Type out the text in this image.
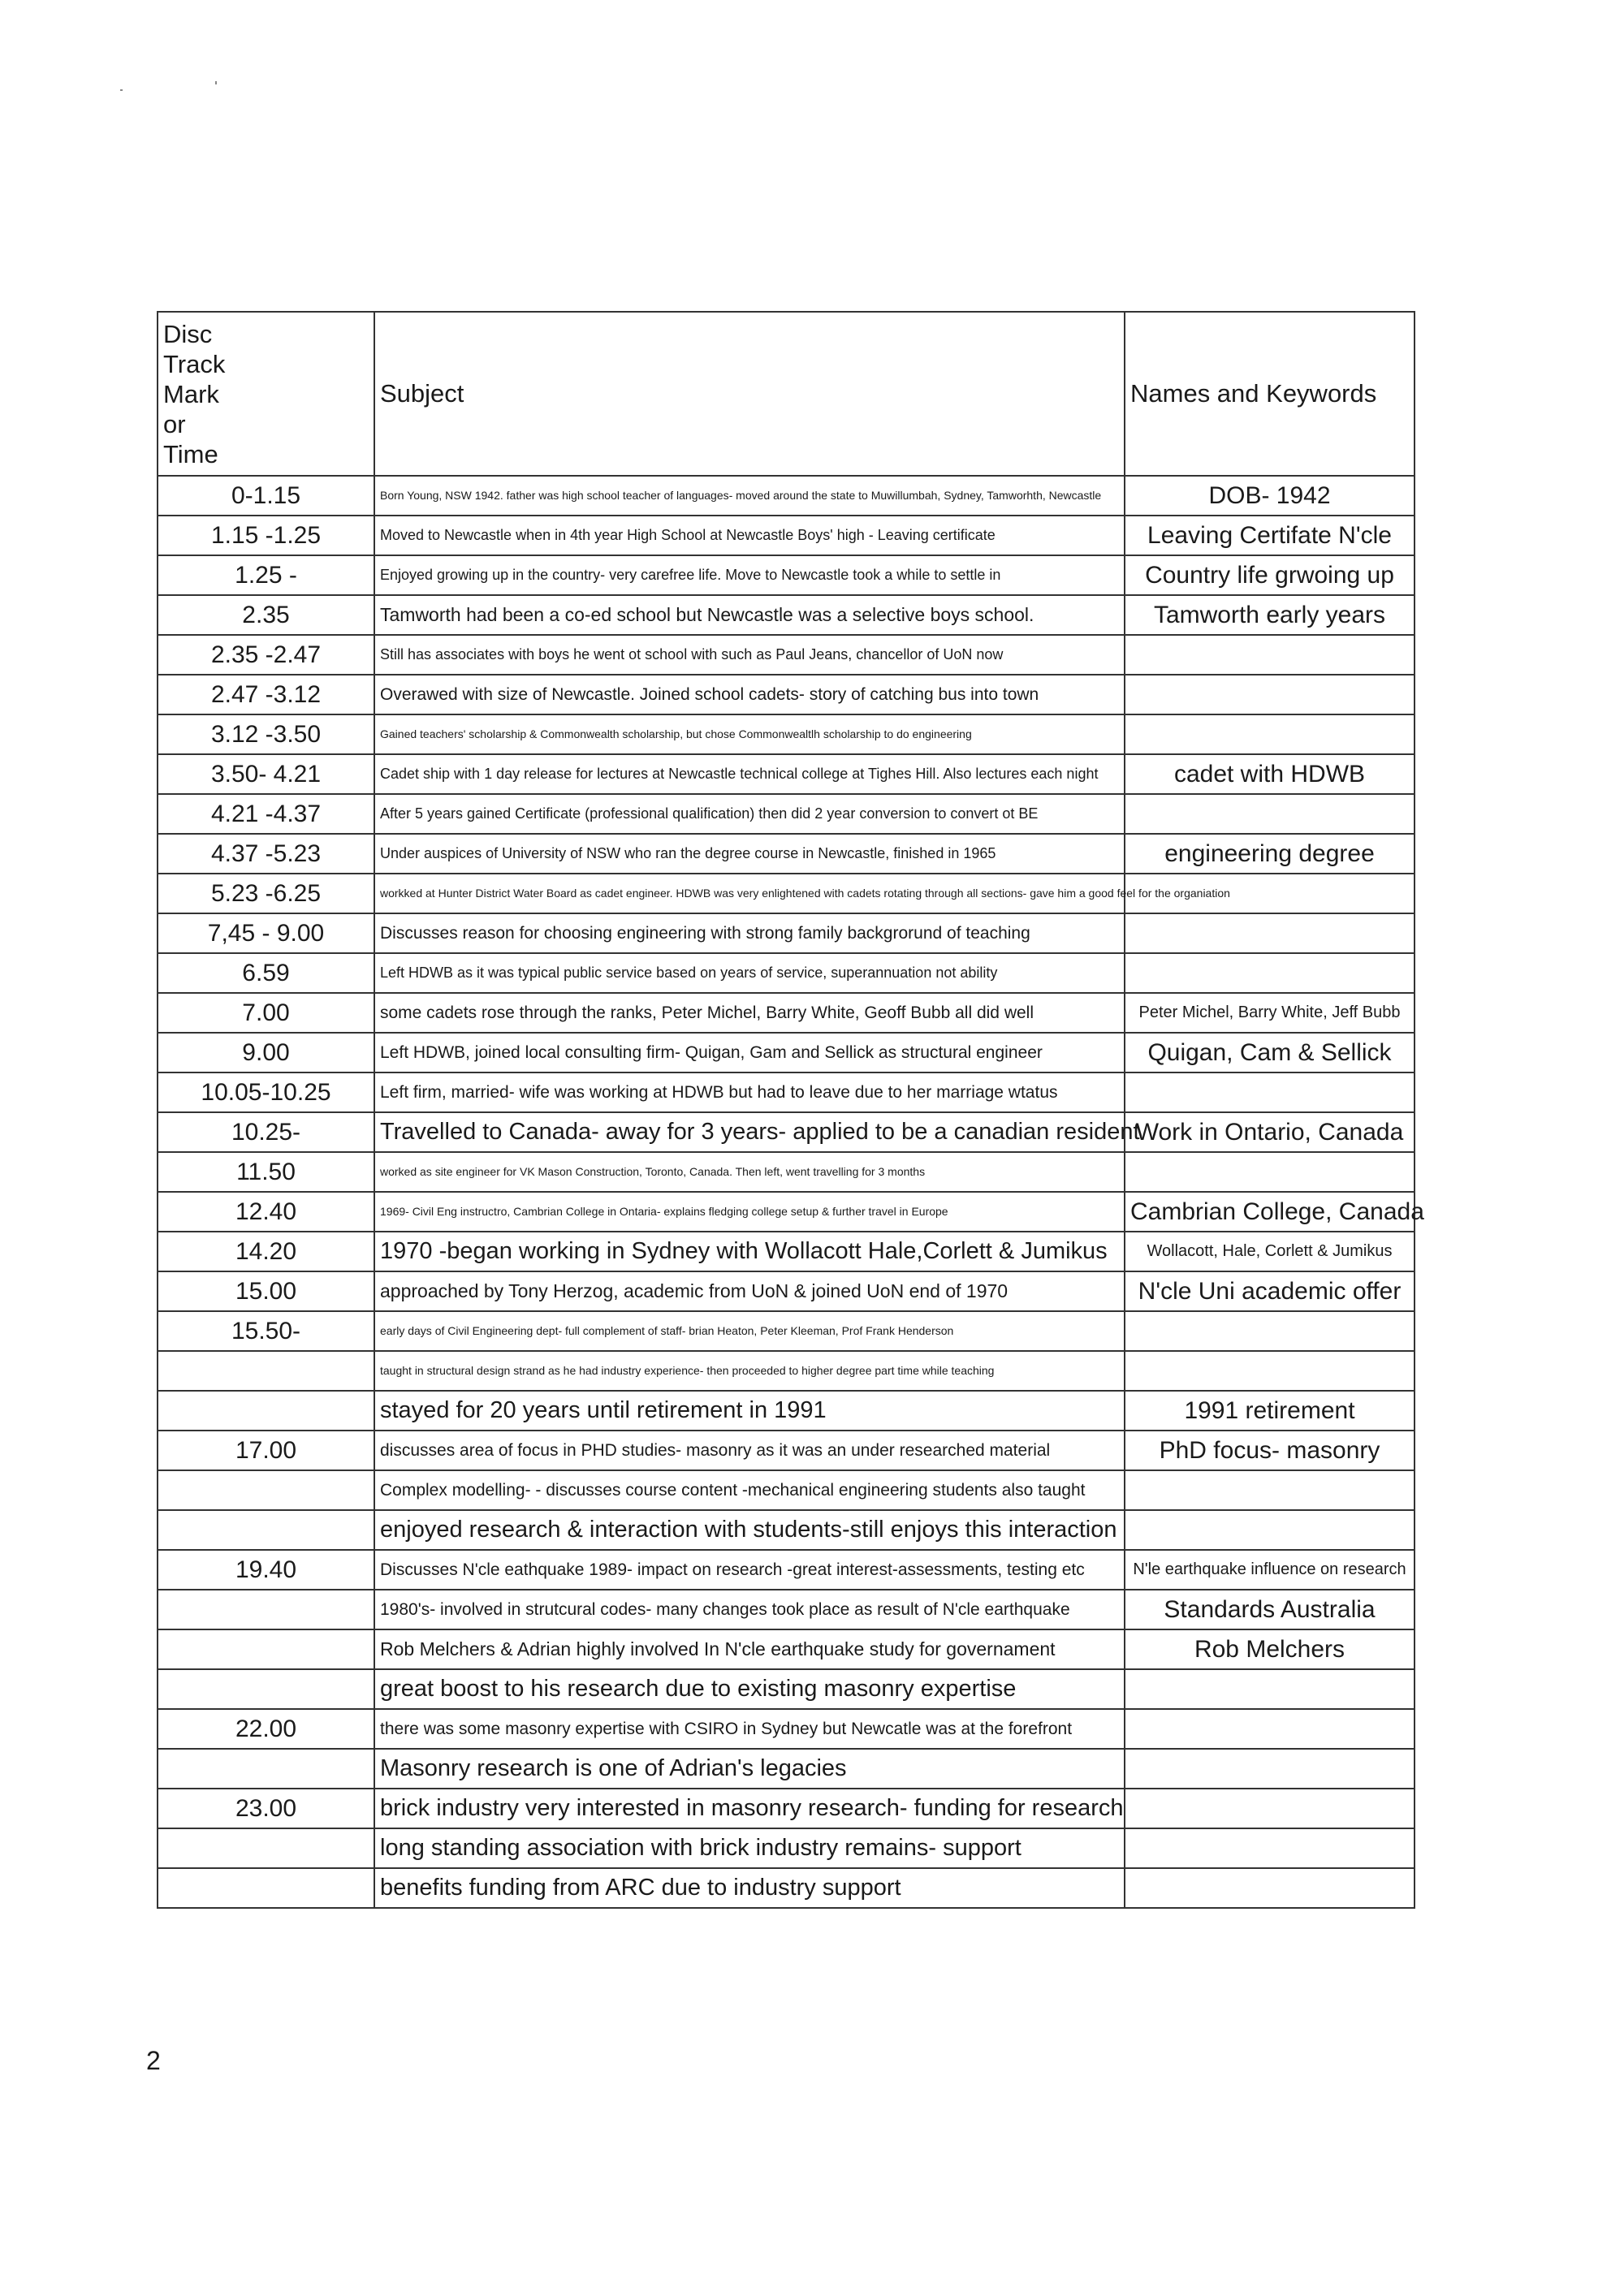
Disc
Track
Mark
or
Time	Subject	Names and Keywords
0-1.15	Born Young, NSW 1942. father was high school teacher of languages- moved around the state to Muwillumbah, Sydney, Tamworhth, Newcastle	DOB- 1942
1.15 -1.25	Moved to Newcastle when in 4th year High School at Newcastle Boys' high - Leaving certificate	Leaving Certifate N'cle
1.25 -	Enjoyed growing up in the country- very carefree life. Move to Newcastle took a while to settle in	Country life grwoing up
2.35	Tamworth had been a co-ed school but Newcastle was a selective boys school.	Tamworth early years
2.35 -2.47	Still has associates with boys he went ot school with such as Paul Jeans, chancellor of UoN now	
2.47 -3.12	Overawed with size of Newcastle. Joined school cadets- story of catching bus into town	
3.12 -3.50	Gained teachers' scholarship & Commonwealth scholarship, but chose Commonwealtlh scholarship to do engineering	
3.50- 4.21	Cadet ship with 1 day release for lectures at Newcastle technical college at Tighes Hill. Also lectures each night	cadet with HDWB
4.21 -4.37	After 5 years gained Certificate (professional qualification) then did 2 year conversion to convert ot BE	
4.37 -5.23	Under auspices of University of NSW who ran the degree course in Newcastle, finished in 1965	engineering degree
5.23 -6.25	workked at Hunter District Water Board as cadet engineer. HDWB was very enlightened with cadets rotating through all sections- gave him a good feel for the organiation	
7,45 - 9.00	Discusses reason for choosing engineering with strong family backgrorund of teaching	
6.59	Left HDWB as it was typical public service based on years of service, superannuation not ability	
7.00	some cadets rose through the ranks, Peter Michel, Barry White, Geoff Bubb all did well	Peter Michel, Barry White, Jeff Bubb
9.00	Left HDWB, joined local consulting firm- Quigan, Gam and Sellick as structural engineer	Quigan, Cam & Sellick
10.05-10.25	Left firm, married- wife was working at HDWB but had to leave due to her marriage wtatus	
10.25-	Travelled to Canada- away for 3 years- applied to be a canadian resident	Work in Ontario, Canada
11.50	worked as site engineer for VK Mason Construction, Toronto, Canada. Then left, went travelling for 3 months	
12.40	1969- Civil Eng instructro, Cambrian College in Ontaria- explains fledging college setup & further travel in Europe	Cambrian College, Canada
14.20	1970 -began working in Sydney with Wollacott Hale,Corlett & Jumikus	Wollacott, Hale, Corlett & Jumikus
15.00	approached by Tony Herzog, academic from UoN & joined UoN end of 1970	N'cle Uni academic offer
15.50-	early days of Civil Engineering dept- full complement of staff- brian Heaton, Peter Kleeman, Prof Frank Henderson	
	taught in structural design strand as he had industry experience- then proceeded to higher degree part time while teaching	
	stayed for 20 years until retirement in 1991	1991 retirement
17.00	discusses area of focus in PHD studies- masonry as it was an under researched material	PhD focus- masonry
	Complex modelling- - discusses course content -mechanical engineering students also taught	
	enjoyed research & interaction with students-still enjoys this interaction	
19.40	Discusses N'cle eathquake 1989- impact on research -great interest-assessments, testing etc	N'le earthquake influence on research
	1980's- involved in strutcural codes- many changes took place as result of N'cle earthquake	Standards Australia
	Rob Melchers & Adrian highly involved In N'cle earthquake study for governament	Rob Melchers
	great boost to his research due to existing masonry expertise	
22.00	there was some masonry expertise with CSIRO in Sydney but Newcatle was at the forefront	
	Masonry research is one of Adrian's legacies	
23.00	brick industry very interested in masonry research- funding for research	
	long standing association with brick industry remains- support	
	benefits funding from ARC due to industry support	
2
